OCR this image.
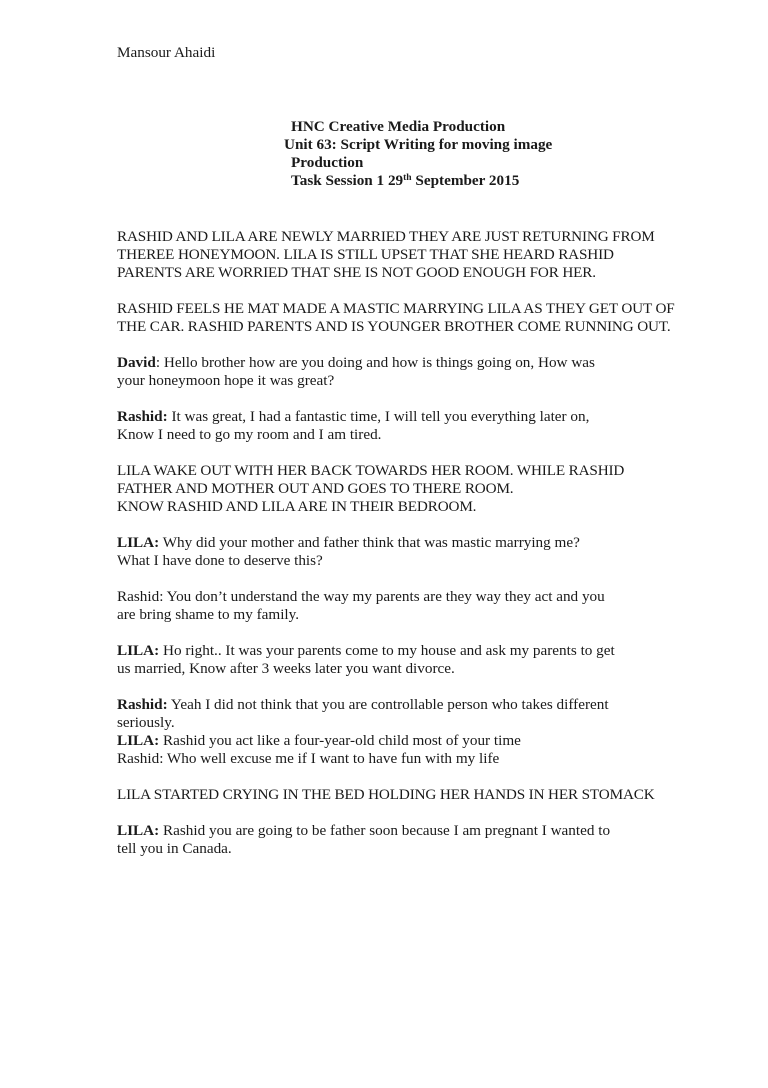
Mansour Ahaidi
HNC Creative Media Production
Unit 63: Script Writing for moving image
Production
Task Session 1 29th September 2015
RASHID AND LILA ARE NEWLY MARRIED THEY ARE JUST RETURNING FROM
THEREE HONEYMOON. LILA IS STILL UPSET THAT SHE HEARD RASHID
PARENTS ARE WORRIED THAT SHE IS NOT GOOD ENOUGH FOR HER.
RASHID FEELS HE MAT MADE A MASTIC MARRYING LILA AS THEY GET OUT OF
THE CAR. RASHID PARENTS AND IS YOUNGER BROTHER COME RUNNING OUT.
David: Hello brother how are you doing and how is things going on, How was
your honeymoon hope it was great?
Rashid: It was great, I had a fantastic time, I will tell you everything later on,
Know I need to go my room and I am tired.
LILA WAKE OUT WITH HER BACK TOWARDS HER ROOM. WHILE RASHID
FATHER AND MOTHER OUT AND GOES TO THERE ROOM.
KNOW RASHID AND LILA ARE IN THEIR BEDROOM.
LILA: Why did your mother and father think that was mastic marrying me?
What I have done to deserve this?
Rashid: You don’t understand the way my parents are they way they act and you
are bring shame to my family.
LILA: Ho right.. It was your parents come to my house and ask my parents to get
us married, Know after 3 weeks later you want divorce.
Rashid: Yeah I did not think that you are controllable person who takes different
seriously.
LILA: Rashid you act like a four-year-old child most of your time
Rashid: Who well excuse me if I want to have fun with my life
LILA STARTED CRYING IN THE BED HOLDING HER HANDS IN HER STOMACK
LILA: Rashid you are going to be father soon because I am pregnant I wanted to
tell you in Canada.
